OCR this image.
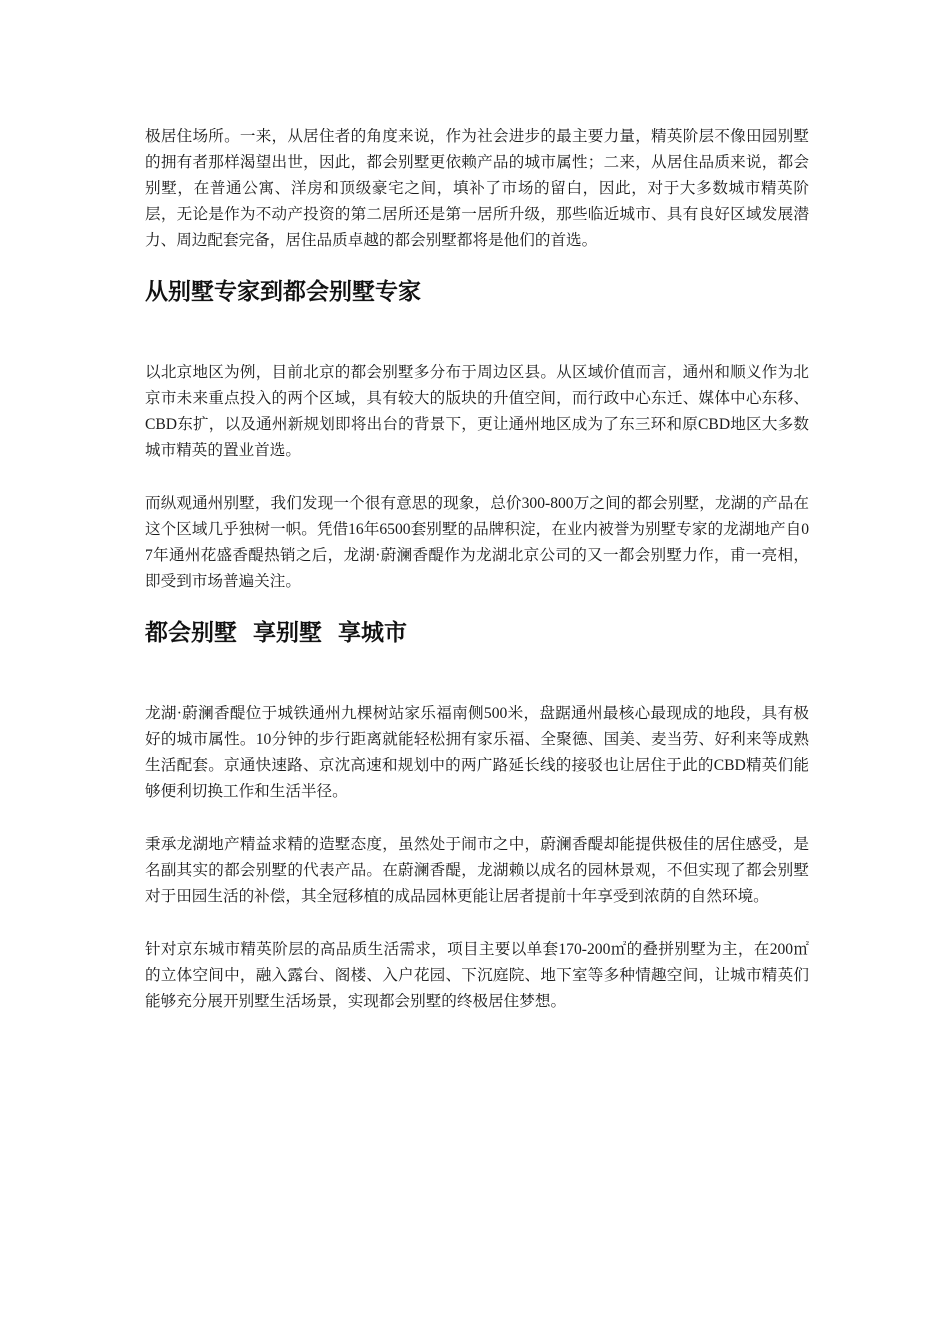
极居住场所。一来，从居住者的角度来说，作为社会进步的最主要力量，精英阶层不像田园别墅的拥有者那样渴望出世，因此，都会别墅更依赖产品的城市属性；二来，从居住品质来说，都会别墅，在普通公寓、洋房和顶级豪宅之间，填补了市场的留白，因此，对于大多数城市精英阶层，无论是作为不动产投资的第二居所还是第一居所升级，那些临近城市、具有良好区域发展潜力、周边配套完备，居住品质卓越的都会别墅都将是他们的首选。

从别墅专家到都会别墅专家

以北京地区为例，目前北京的都会别墅多分布于周边区县。从区域价值而言，通州和顺义作为北京市未来重点投入的两个区域，具有较大的版块的升值空间，而行政中心东迁、媒体中心东移、CBD东扩，以及通州新规划即将出台的背景下，更让通州地区成为了东三环和原CBD地区大多数城市精英的置业首选。

而纵观通州别墅，我们发现一个很有意思的现象，总价300-800万之间的都会别墅，龙湖的产品在这个区域几乎独树一帜。凭借16年6500套别墅的品牌积淀，在业内被誉为别墅专家的龙湖地产自07年通州花盛香醍热销之后，龙湖·蔚澜香醍作为龙湖北京公司的又一都会别墅力作，甫一亮相，即受到市场普遍关注。

都会别墅  享别墅  享城市

龙湖·蔚澜香醍位于城铁通州九棵树站家乐福南侧500米，盘踞通州最核心最现成的地段，具有极好的城市属性。10分钟的步行距离就能轻松拥有家乐福、全聚德、国美、麦当劳、好利来等成熟生活配套。京通快速路、京沈高速和规划中的两广路延长线的接驳也让居住于此的CBD精英们能够便利切换工作和生活半径。

秉承龙湖地产精益求精的造墅态度，虽然处于闹市之中，蔚澜香醍却能提供极佳的居住感受，是名副其实的都会别墅的代表产品。在蔚澜香醍，龙湖赖以成名的园林景观，不但实现了都会别墅对于田园生活的补偿，其全冠移植的成品园林更能让居者提前十年享受到浓荫的自然环境。

针对京东城市精英阶层的高品质生活需求，项目主要以单套170-200㎡的叠拼别墅为主，在200㎡的立体空间中，融入露台、阁楼、入户花园、下沉庭院、地下室等多种情趣空间，让城市精英们能够充分展开别墅生活场景，实现都会别墅的终极居住梦想。
